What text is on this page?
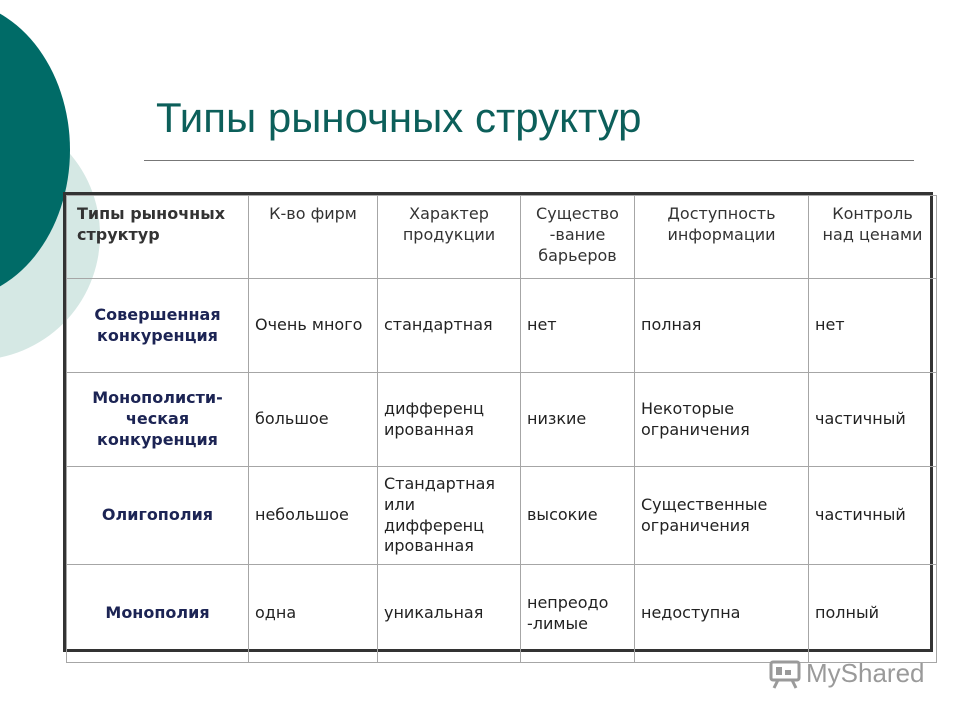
Типы рыночных структур
Типы рыночных структур	К-во фирм	Характер продукции	Существо -вание барьеров	Доступность информации	Контроль над ценами
Совершенная конкуренция	Очень много	стандартная	нет	полная	нет
Монополисти-ческая конкуренция	большое	дифференц ированная	низкие	Некоторые ограничения	частичный
Олигополия	небольшое	Стандартная или дифференц ированная	высокие	Существенные ограничения	частичный
Монополия	одна	уникальная	непреодо -лимые	недоступна	полный
MyShared
